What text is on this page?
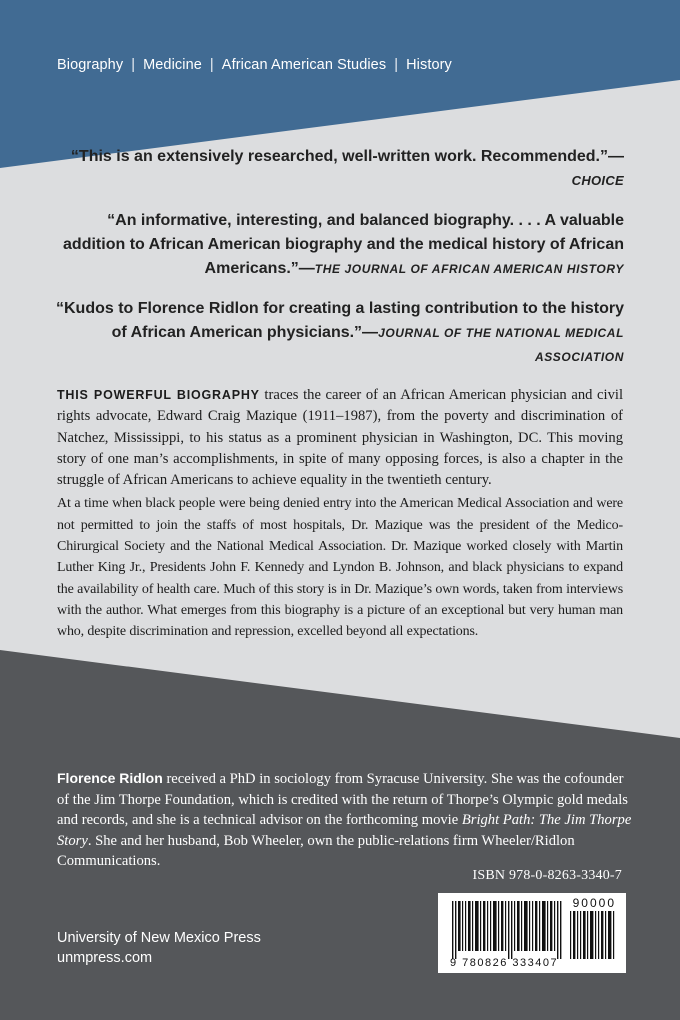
Biography | Medicine | African American Studies | History
“This is an extensively researched, well-written work. Recommended.”—CHOICE
“An informative, interesting, and balanced biography. . . . A valuable addition to African American biography and the medical history of African Americans.”—THE JOURNAL OF AFRICAN AMERICAN HISTORY
“Kudos to Florence Ridlon for creating a lasting contribution to the history of African American physicians.”—JOURNAL OF THE NATIONAL MEDICAL ASSOCIATION

THIS POWERFUL BIOGRAPHY traces the career of an African American physician and civil rights advocate, Edward Craig Mazique (1911–1987), from the poverty and discrimination of Natchez, Mississippi, to his status as a prominent physician in Washington, DC. This moving story of one man’s accomplishments, in spite of many opposing forces, is also a chapter in the struggle of African Americans to achieve equality in the twentieth century.

At a time when black people were being denied entry into the American Medical Association and were not permitted to join the staffs of most hospitals, Dr. Mazique was the president of the Medico-Chirurgical Society and the National Medical Association. Dr. Mazique worked closely with Martin Luther King Jr., Presidents John F. Kennedy and Lyndon B. Johnson, and black physicians to expand the availability of health care. Much of this story is in Dr. Mazique’s own words, taken from interviews with the author. What emerges from this biography is a picture of an exceptional but very human man who, despite discrimination and repression, excelled beyond all expectations.

Florence Ridlon received a PhD in sociology from Syracuse University. She was the cofounder of the Jim Thorpe Foundation, which is credited with the return of Thorpe’s Olympic gold medals and records, and she is a technical advisor on the forthcoming movie Bright Path: The Jim Thorpe Story. She and her husband, Bob Wheeler, own the public-relations firm Wheeler/Ridlon Communications.
ISBN 978-0-8263-3340-7
90000
9 780826 333407
University of New Mexico Press
unmpress.com
